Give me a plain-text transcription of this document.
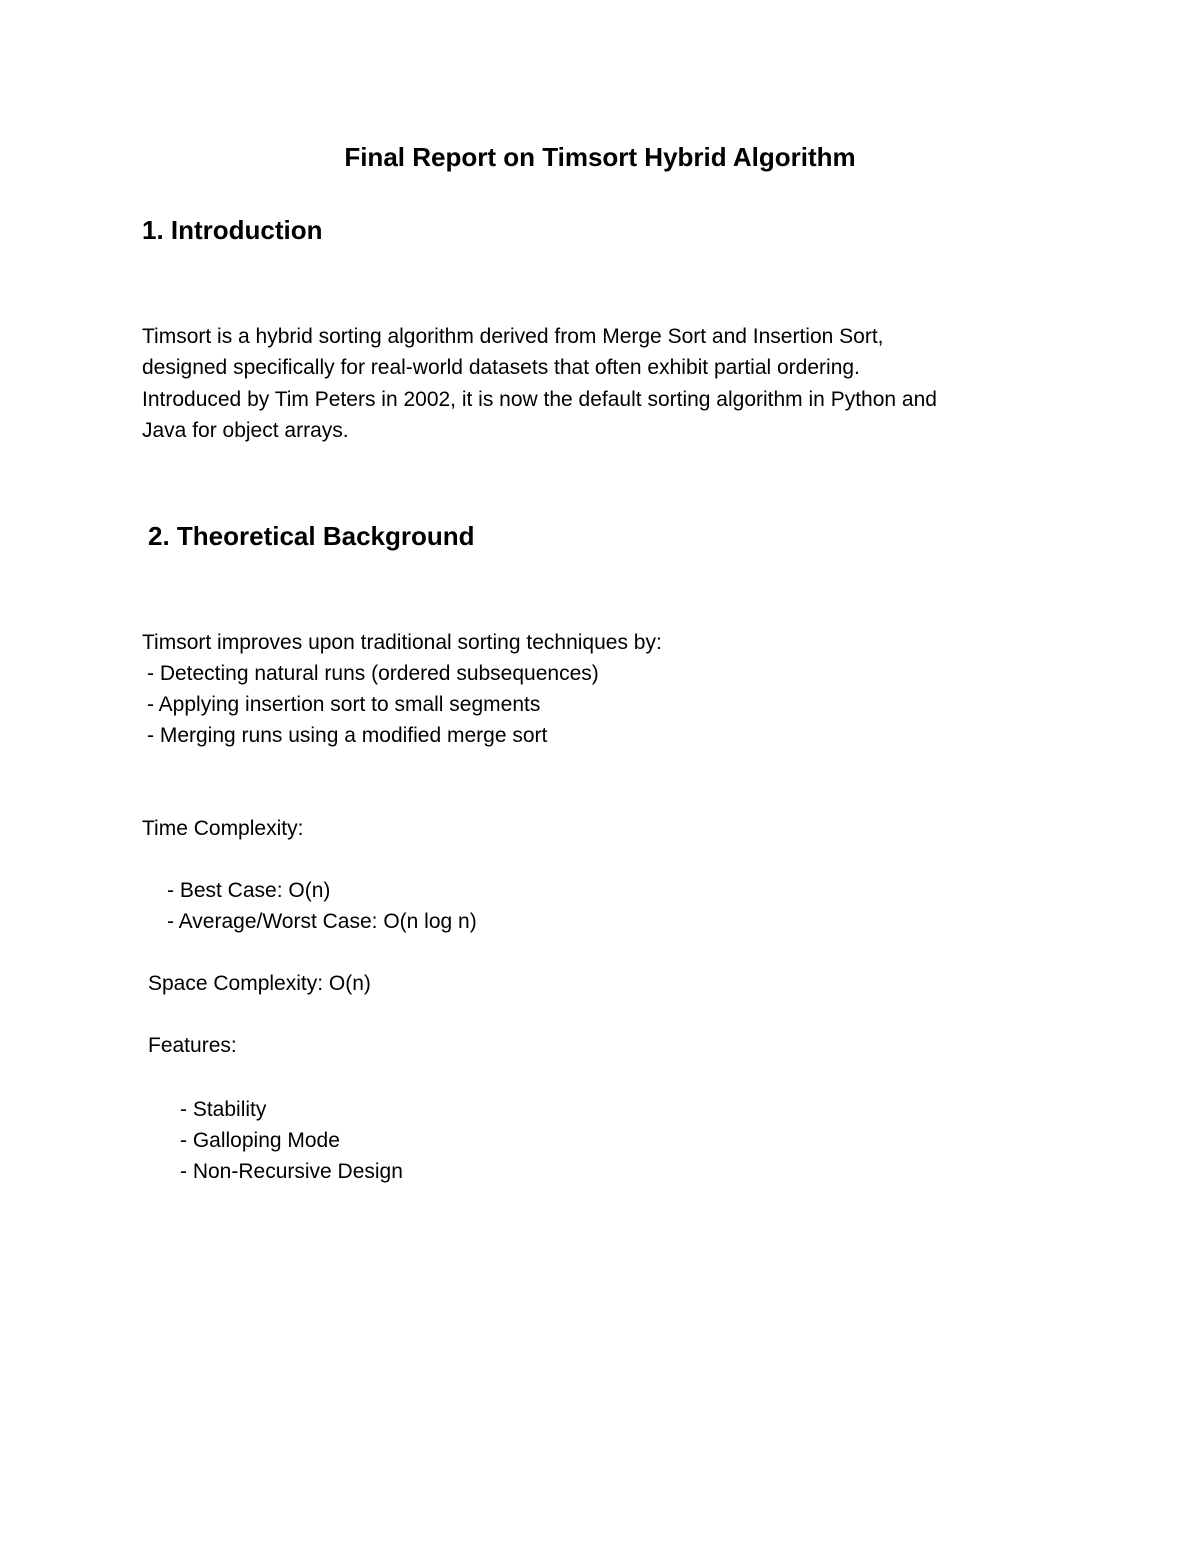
Final Report on Timsort Hybrid Algorithm
1. Introduction

Timsort is a hybrid sorting algorithm derived from Merge Sort and Insertion Sort,
designed specifically for real-world datasets that often exhibit partial ordering.
Introduced by Tim Peters in 2002, it is now the default sorting algorithm in Python and
Java for object arrays.

2. Theoretical Background

Timsort improves upon traditional sorting techniques by:

- Detecting natural runs (ordered subsequences)

- Applying insertion sort to small segments

- Merging runs using a modified merge sort

Time Complexity:

- Best Case: O(n)

- Average/Worst Case: O(n log n)

Space Complexity: O(n)

Features:

- Stability

- Galloping Mode

- Non-Recursive Design
